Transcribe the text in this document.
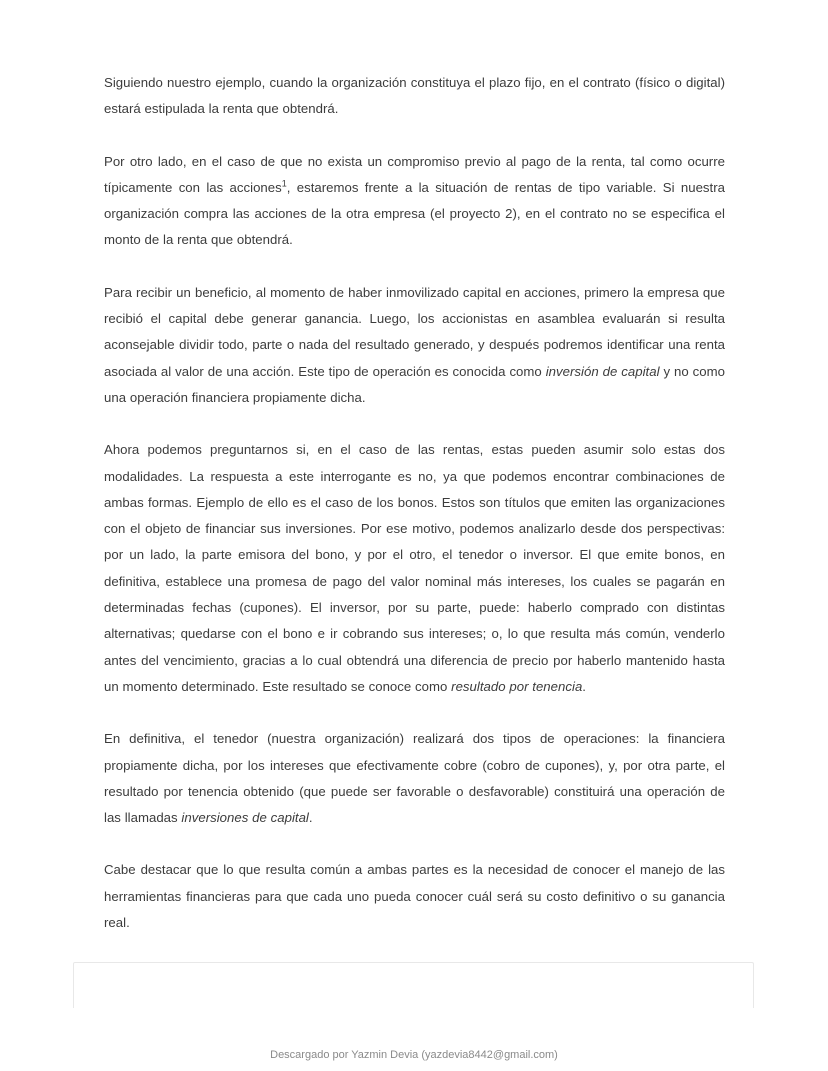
Siguiendo nuestro ejemplo, cuando la organización constituya el plazo fijo, en el contrato (físico o digital) estará estipulada la renta que obtendrá.

Por otro lado, en el caso de que no exista un compromiso previo al pago de la renta, tal como ocurre típicamente con las acciones$^1$, estaremos frente a la situación de rentas de tipo variable. Si nuestra organización compra las acciones de la otra empresa (el proyecto 2), en el contrato no se especifica el monto de la renta que obtendrá.

Para recibir un beneficio, al momento de haber inmovilizado capital en acciones, primero la empresa que recibió el capital debe generar ganancia. Luego, los accionistas en asamblea evaluarán si resulta aconsejable dividir todo, parte o nada del resultado generado, y después podremos identificar una renta asociada al valor de una acción. Este tipo de operación es conocida como inversión de capital y no como una operación financiera propiamente dicha.

Ahora podemos preguntarnos si, en el caso de las rentas, estas pueden asumir solo estas dos modalidades. La respuesta a este interrogante es no, ya que podemos encontrar combinaciones de ambas formas. Ejemplo de ello es el caso de los bonos. Estos son títulos que emiten las organizaciones con el objeto de financiar sus inversiones. Por ese motivo, podemos analizarlo desde dos perspectivas: por un lado, la parte emisora del bono, y por el otro, el tenedor o inversor. El que emite bonos, en definitiva, establece una promesa de pago del valor nominal más intereses, los cuales se pagarán en determinadas fechas (cupones). El inversor, por su parte, puede: haberlo comprado con distintas alternativas; quedarse con el bono e ir cobrando sus intereses; o, lo que resulta más común, venderlo antes del vencimiento, gracias a lo cual obtendrá una diferencia de precio por haberlo mantenido hasta un momento determinado. Este resultado se conoce como resultado por tenencia.

En definitiva, el tenedor (nuestra organización) realizará dos tipos de operaciones: la financiera propiamente dicha, por los intereses que efectivamente cobre (cobro de cupones), y, por otra parte, el resultado por tenencia obtenido (que puede ser favorable o desfavorable) constituirá una operación de las llamadas inversiones de capital.

Cabe destacar que lo que resulta común a ambas partes es la necesidad de conocer el manejo de las herramientas financieras para que cada uno pueda conocer cuál será su costo definitivo o su ganancia real.

Descargado por Yazmin Devia (yazdevia8442@gmail.com)
